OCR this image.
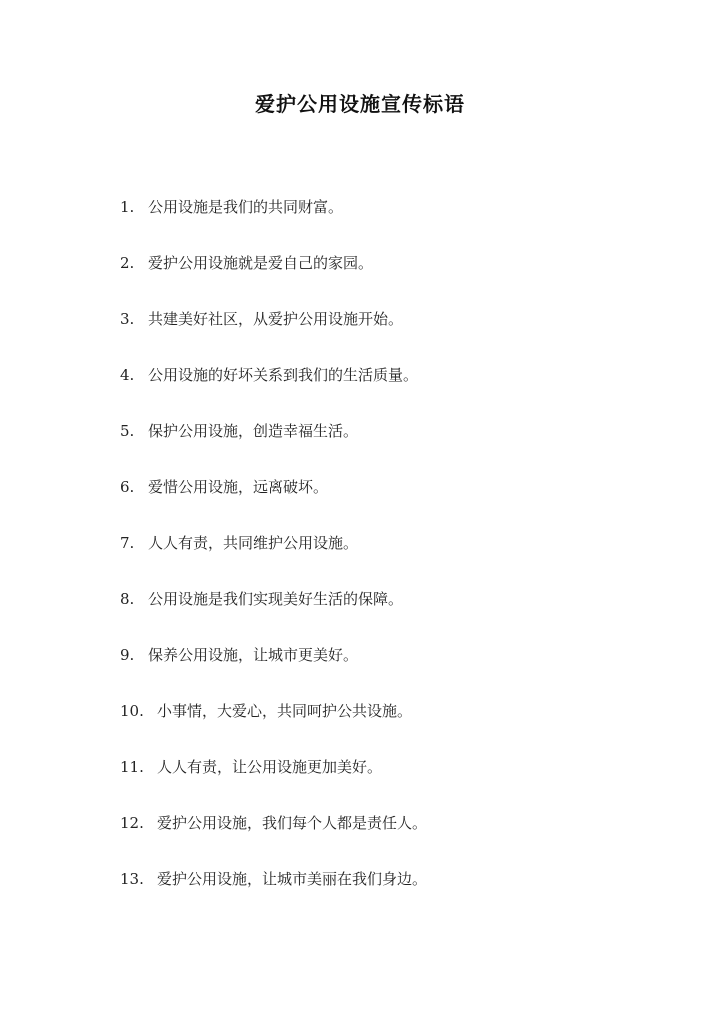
爱护公用设施宣传标语
1. 公用设施是我们的共同财富。
2. 爱护公用设施就是爱自己的家园。
3. 共建美好社区，从爱护公用设施开始。
4. 公用设施的好坏关系到我们的生活质量。
5. 保护公用设施，创造幸福生活。
6. 爱惜公用设施，远离破坏。
7. 人人有责，共同维护公用设施。
8. 公用设施是我们实现美好生活的保障。
9. 保养公用设施，让城市更美好。
10. 小事情，大爱心，共同呵护公共设施。
11. 人人有责，让公用设施更加美好。
12. 爱护公用设施，我们每个人都是责任人。
13. 爱护公用设施，让城市美丽在我们身边。
